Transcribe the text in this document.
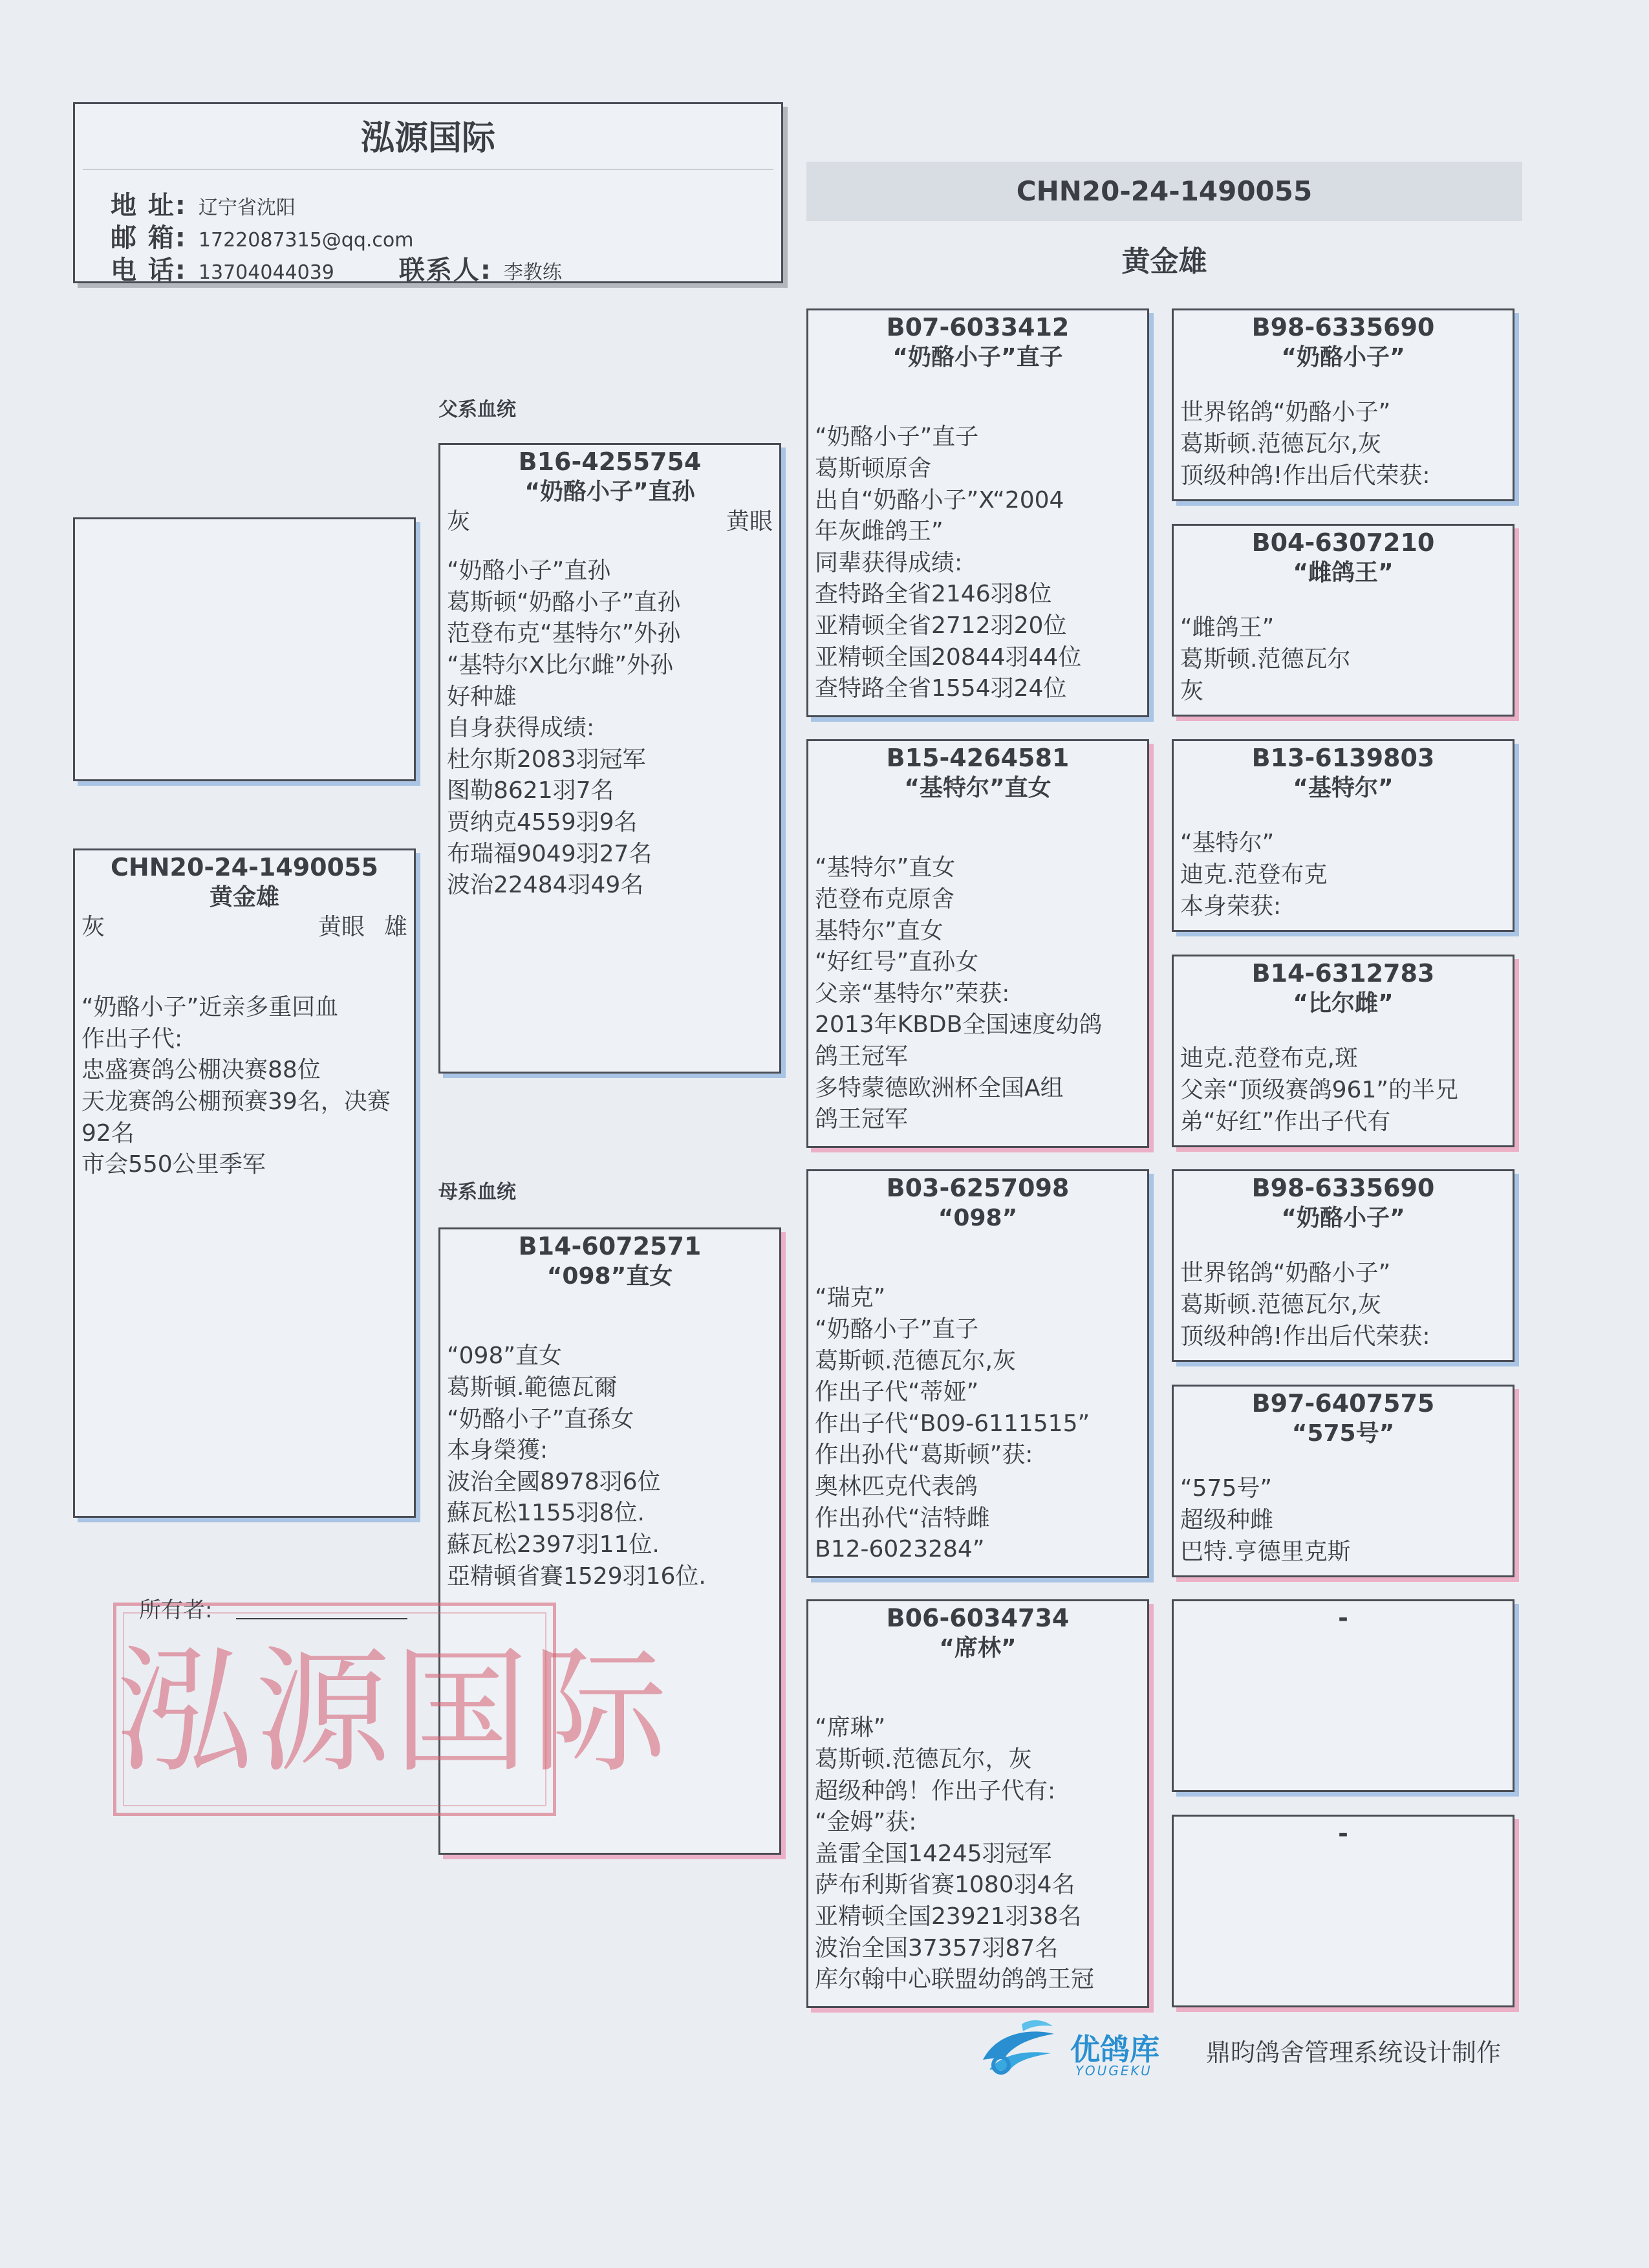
泓源国际
地 址: 辽宁省沈阳
邮 箱: 1722087315@qq.com
电 话: 13704044039	联系人: 李教练
CHN20-24-1490055
黄金雄
父系血统
母系血统
CHN20-24-1490055
黄金雄
灰	黄眼 雄
“奶酪小子”近亲多重回血
作出子代:
忠盛赛鸽公棚决赛88位
天龙赛鸽公棚预赛39名，决赛
92名
市会550公里季军
B16-4255754
“奶酪小子”直孙
灰	黄眼
“奶酪小子”直孙
葛斯顿“奶酪小子”直孙
范登布克“基特尔”外孙
“基特尔X比尔雌”外孙
好种雄
自身获得成绩:
杜尔斯2083羽冠军
图勒8621羽7名
贾纳克4559羽9名
布瑞福9049羽27名
波治22484羽49名
B14-6072571
“098”直女
“098”直女
葛斯頓.範德瓦爾
“奶酪小子”直孫女
本身榮獲:
波治全國8978羽6位
蘇瓦松1155羽8位.
蘇瓦松2397羽11位.
亞精頓省賽1529羽16位.
B07-6033412
“奶酪小子”直子
“奶酪小子”直子
葛斯顿原舍
出自“奶酪小子”X“2004
年灰雌鸽王”
同辈获得成绩:
查特路全省2146羽8位
亚精顿全省2712羽20位
亚精顿全国20844羽44位
查特路全省1554羽24位
B15-4264581
“基特尔”直女
“基特尔”直女
范登布克原舍
基特尔”直女
“好红号”直孙女
父亲“基特尔”荣获:
2013年KBDB全国速度幼鸽
鸽王冠军
多特蒙德欧洲杯全国A组
鸽王冠军
B03-6257098
“098”
“瑞克”
“奶酪小子”直子
葛斯顿.范德瓦尔,灰
作出子代“蒂娅”
作出子代“B09-6111515”
作出孙代“葛斯顿”获:
奥林匹克代表鸽
作出孙代“洁特雌
B12-6023284”
B06-6034734
“席林”
“席琳”
葛斯顿.范德瓦尔，灰
超级种鸽！作出子代有:
“金姆”获:
盖雷全国14245羽冠军
萨布利斯省赛1080羽4名
亚精顿全国23921羽38名
波治全国37357羽87名
库尔翰中心联盟幼鸽鸽王冠
B98-6335690
“奶酪小子”
世界铭鸽“奶酪小子”
葛斯顿.范德瓦尔,灰
顶级种鸽!作出后代荣获:
B04-6307210
“雌鸽王”
“雌鸽王”
葛斯顿.范德瓦尔
灰
B13-6139803
“基特尔”
“基特尔”
迪克.范登布克
本身荣获:
B14-6312783
“比尔雌”
迪克.范登布克,斑
父亲“顶级赛鸽961”的半兄
弟“好红”作出子代有
B98-6335690
“奶酪小子”
世界铭鸽“奶酪小子”
葛斯顿.范德瓦尔,灰
顶级种鸽!作出后代荣获:
B97-6407575
“575号”
“575号”
超级种雌
巴特.亨德里克斯
-
-
泓源国际
所有者:
优鸽库
YOUGEKU
鼎昀鸽舍管理系统设计制作
